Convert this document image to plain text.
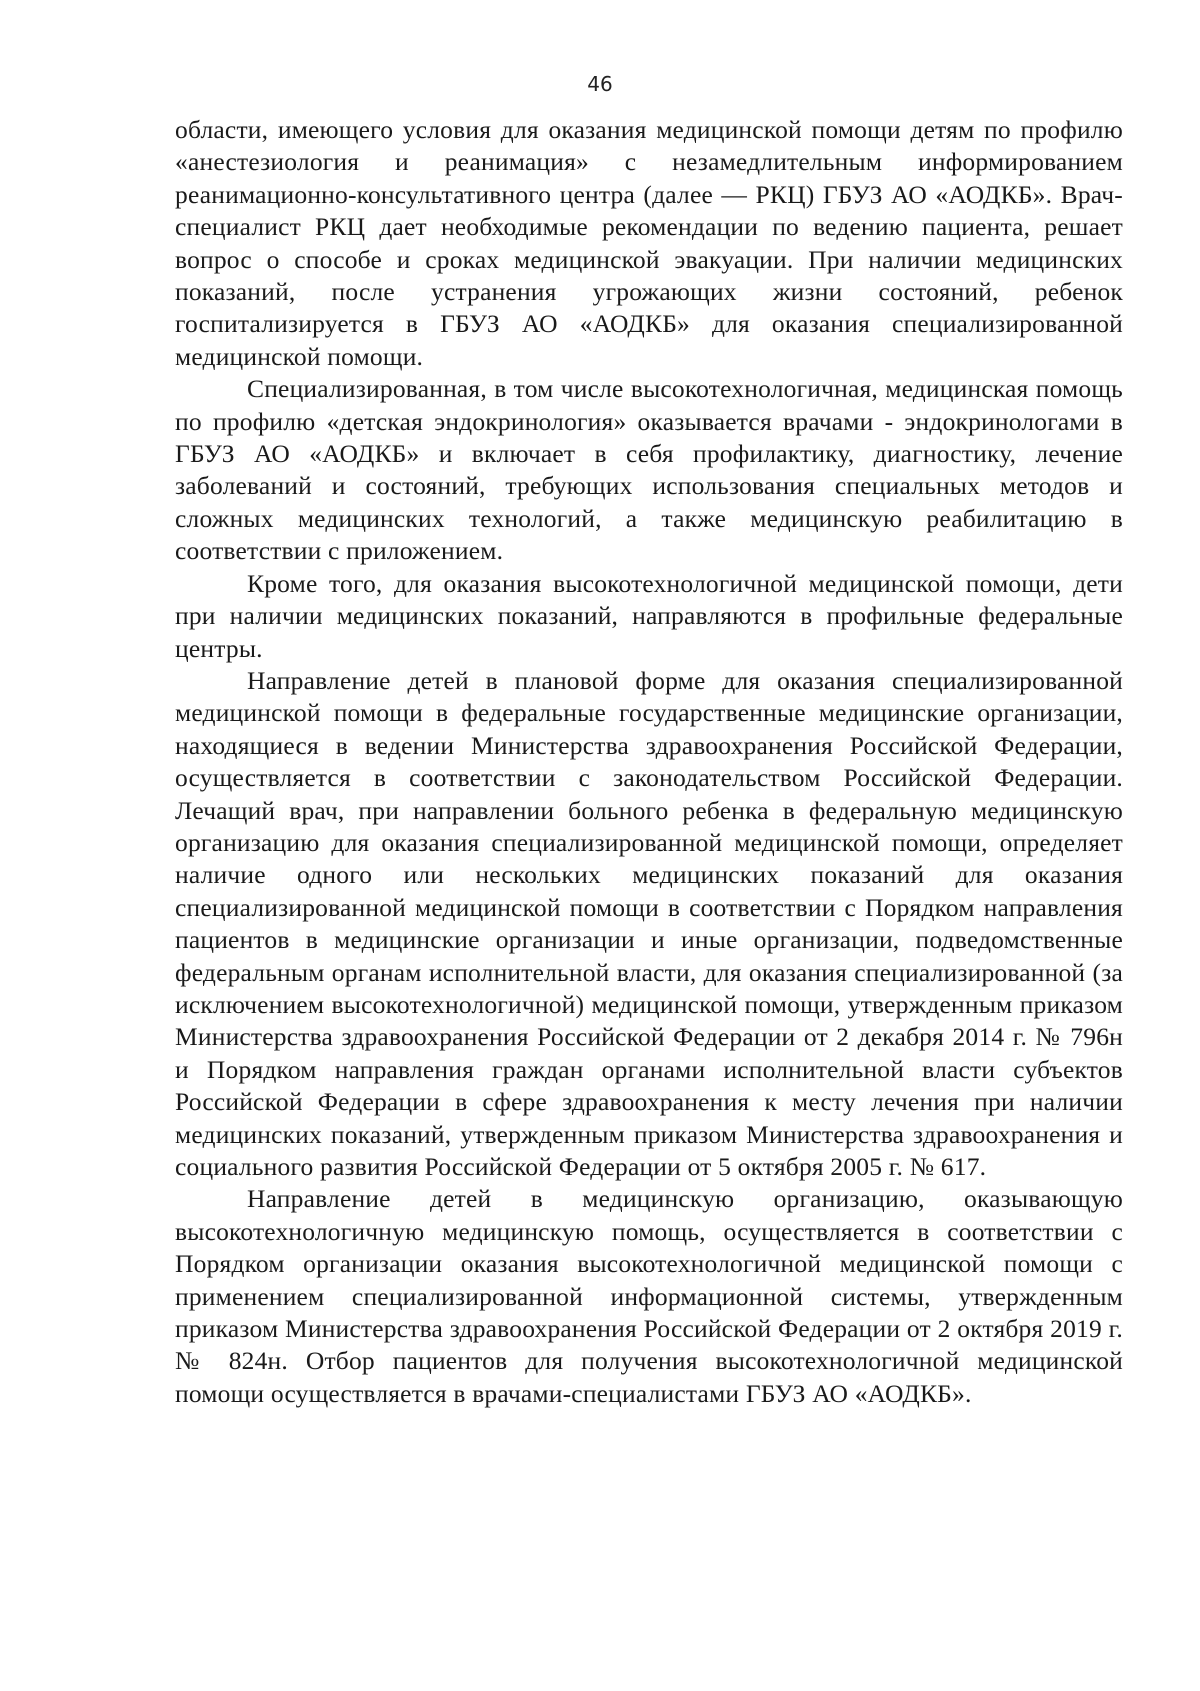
46

области, имеющего условия для оказания медицинской помощи детям по профилю «анестезиология и реанимация» с незамедлительным информированием реанимационно-консультативного центра (далее — РКЦ) ГБУЗ АО «АОДКБ». Врач-специалист РКЦ дает необходимые рекомендации по ведению пациента, решает вопрос о способе и сроках медицинской эвакуации. При наличии медицинских показаний, после устранения угрожающих жизни состояний, ребенок госпитализируется в ГБУЗ АО «АОДКБ» для оказания специализированной медицинской помощи.

Специализированная, в том числе высокотехнологичная, медицинская помощь по профилю «детская эндокринология» оказывается врачами - эндокринологами в ГБУЗ АО «АОДКБ» и включает в себя профилактику, диагностику, лечение заболеваний и состояний, требующих использования специальных методов и сложных медицинских технологий, а также медицинскую реабилитацию в соответствии с приложением.

Кроме того, для оказания высокотехнологичной медицинской помощи, дети при наличии медицинских показаний, направляются в профильные федеральные центры.

Направление детей в плановой форме для оказания специализированной медицинской помощи в федеральные государственные медицинские организации, находящиеся в ведении Министерства здравоохранения Российской Федерации, осуществляется в соответствии с законодательством Российской Федерации. Лечащий врач, при направлении больного ребенка в федеральную медицинскую организацию для оказания специализированной медицинской помощи, определяет наличие одного или нескольких медицинских показаний для оказания специализированной медицинской помощи в соответствии с Порядком направления пациентов в медицинские организации и иные организации, подведомственные федеральным органам исполнительной власти, для оказания специализированной (за исключением высокотехнологичной) медицинской помощи, утвержденным приказом Министерства здравоохранения Российской Федерации от 2 декабря 2014 г. № 796н и Порядком направления граждан органами исполнительной власти субъектов Российской Федерации в сфере здравоохранения к месту лечения при наличии медицинских показаний, утвержденным приказом Министерства здравоохранения и социального развития Российской Федерации от 5 октября 2005 г. № 617.

Направление детей в медицинскую организацию, оказывающую высокотехнологичную медицинскую помощь, осуществляется в соответствии с Порядком организации оказания высокотехнологичной медицинской помощи с применением специализированной информационной системы, утвержденным приказом Министерства здравоохранения Российской Федерации от 2 октября 2019 г. № 824н. Отбор пациентов для получения высокотехнологичной медицинской помощи осуществляется в врачами-специалистами ГБУЗ АО «АОДКБ».
